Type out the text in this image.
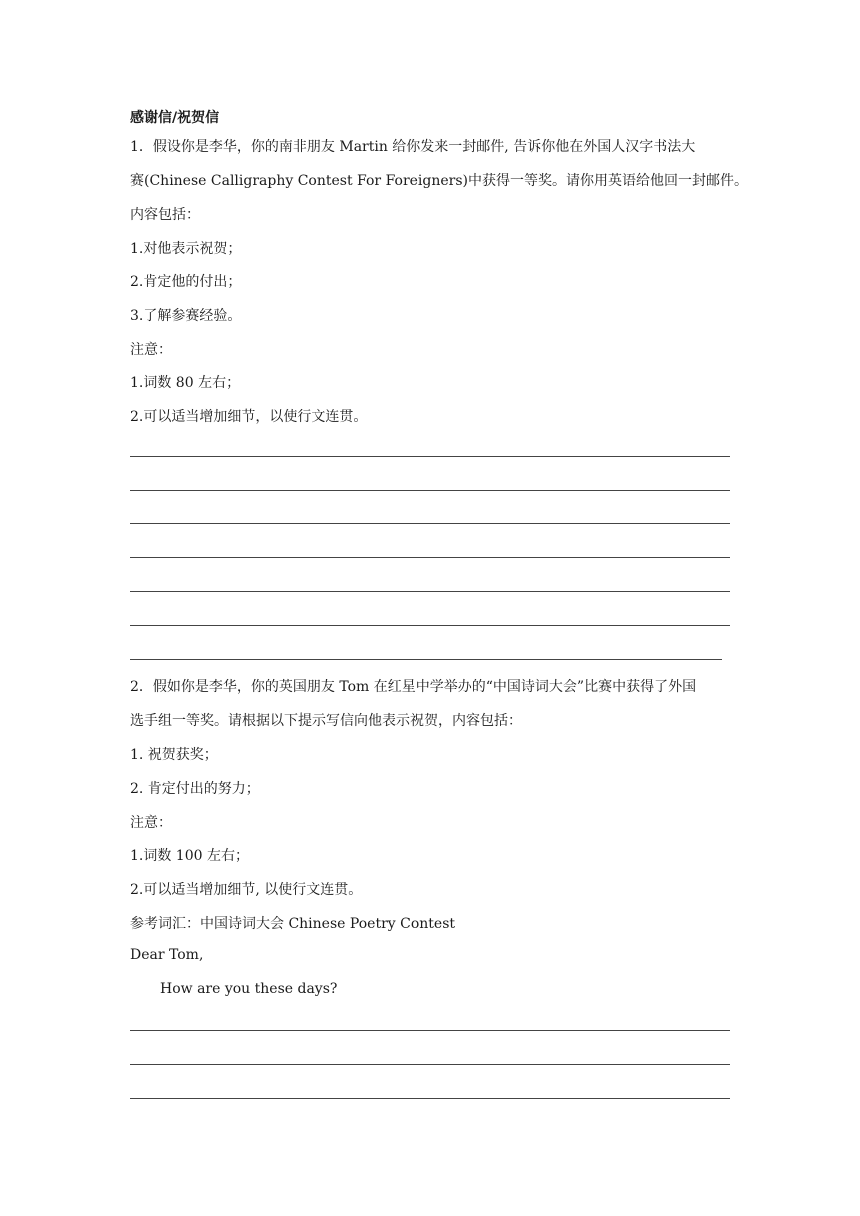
感谢信/祝贺信
1．假设你是李华，你的南非朋友 Martin 给你发来一封邮件, 告诉你他在外国人汉字书法大
赛(Chinese Calligraphy Contest For Foreigners)中获得一等奖。请你用英语给他回一封邮件。
内容包括：
1.对他表示祝贺；
2.肯定他的付出；
3.了解参赛经验。
注意：
1.词数 80 左右；
2.可以适当增加细节，以使行文连贯。
2．假如你是李华，你的英国朋友 Tom 在红星中学举办的“中国诗词大会”比赛中获得了外国
选手组一等奖。请根据以下提示写信向他表示祝贺，内容包括：
1. 祝贺获奖；
2. 肯定付出的努力；
注意：
1.词数 100 左右；
2.可以适当增加细节, 以使行文连贯。
参考词汇：中国诗词大会 Chinese Poetry Contest
Dear Tom,
How are you these days?
